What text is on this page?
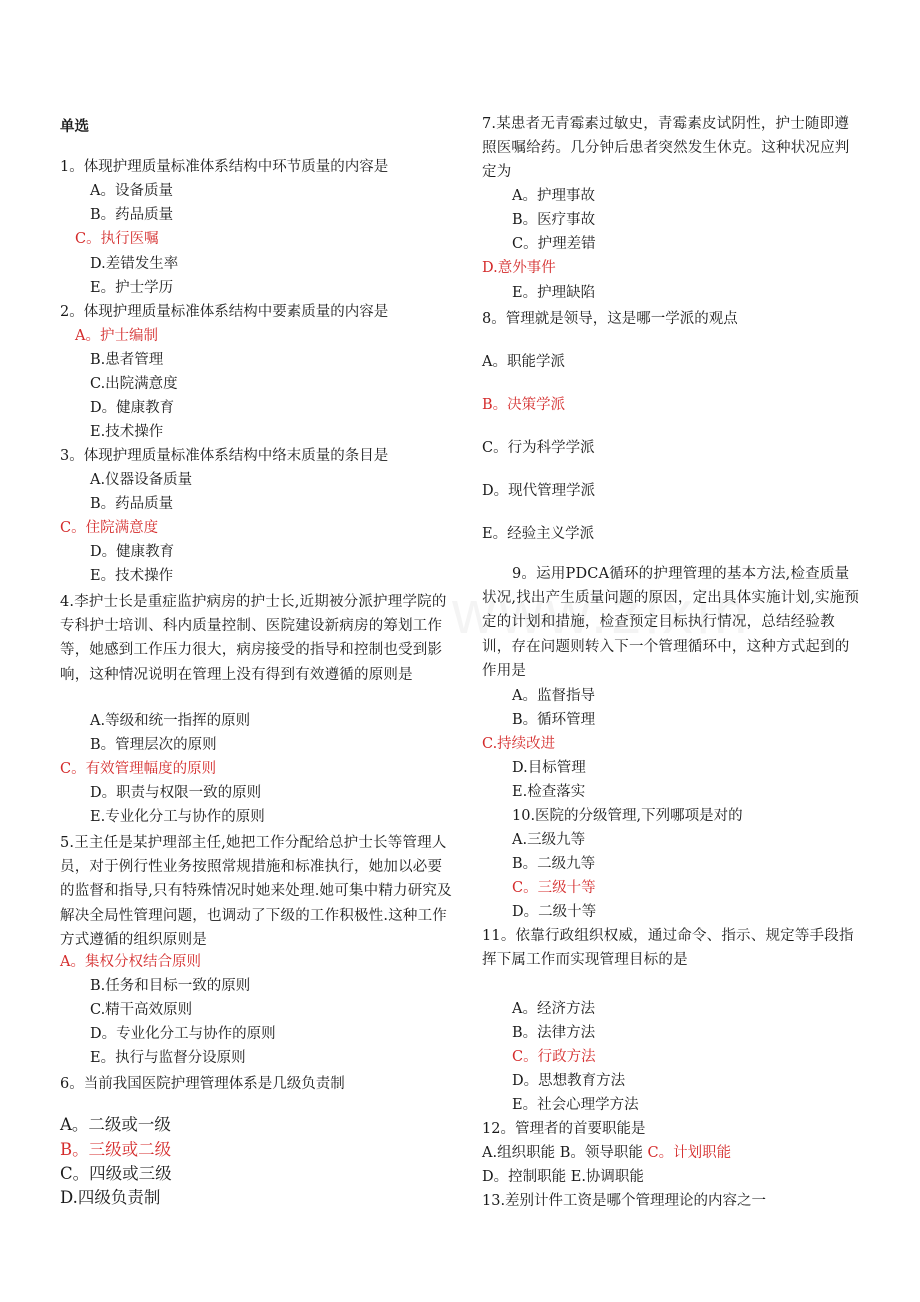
单选
1。体现护理质量标准体系结构中环节质量的内容是
A。设备质量
B。药品质量
C。执行医嘱
D.差错发生率
E。护士学历
2。体现护理质量标准体系结构中要素质量的内容是
A。护士编制
B.患者管理
C.出院满意度
D。健康教育
E.技术操作
3。体现护理质量标准体系结构中络末质量的条目是
A.仪器设备质量
B。药品质量
C。住院满意度
D。健康教育
E。技术操作
4.李护士长是重症监护病房的护士长,近期被分派护理学院的专科护士培训、科内质量控制、医院建设新病房的筹划工作等，她感到工作压力很大，病房接受的指导和控制也受到影响，这种情况说明在管理上没有得到有效遵循的原则是
A.等级和统一指挥的原则
B。管理层次的原则
C。有效管理幅度的原则
D。职责与权限一致的原则
E.专业化分工与协作的原则
5.王主任是某护理部主任,她把工作分配给总护士长等管理人员，对于例行性业务按照常规措施和标准执行，她加以必要的监督和指导,只有特殊情况时她来处理.她可集中精力研究及解决全局性管理问题，也调动了下级的工作积极性.这种工作方式遵循的组织原则是
A。集权分权结合原则
B.任务和目标一致的原则
C.精干高效原则
D。专业化分工与协作的原则
E。执行与监督分设原则
6。当前我国医院护理管理体系是几级负责制
A。二级或一级
B。三级或二级
C。四级或三级
D.四级负责制
7.某患者无青霉素过敏史，青霉素皮试阴性，护士随即遵照医嘱给药。几分钟后患者突然发生休克。这种状况应判定为
A。护理事故
B。医疗事故
C。护理差错
D.意外事件
E。护理缺陷
8。管理就是领导，这是哪一学派的观点
A。职能学派
B。决策学派
C。行为科学学派
D。现代管理学派
E。经验主义学派
9。运用PDCA循环的护理管理的基本方法,检查质量状况,找出产生质量问题的原因，定出具体实施计划,实施预定的计划和措施，检查预定目标执行情况，总结经验教训，存在问题则转入下一个管理循环中，这种方式起到的作用是
A。监督指导
B。循环管理
C.持续改进
D.目标管理
E.检查落实
10.医院的分级管理,下列哪项是对的
A.三级九等
B。二级九等
C。三级十等
D。二级十等
11。依靠行政组织权威，通过命令、指示、规定等手段指挥下属工作而实现管理目标的是
A。经济方法
B。法律方法
C。行政方法
D。思想教育方法
E。社会心理学方法
12。管理者的首要职能是
A.组织职能 B。领导职能 C。计划职能
D。控制职能 E.协调职能
13.差别计件工资是哪个管理理论的内容之一
